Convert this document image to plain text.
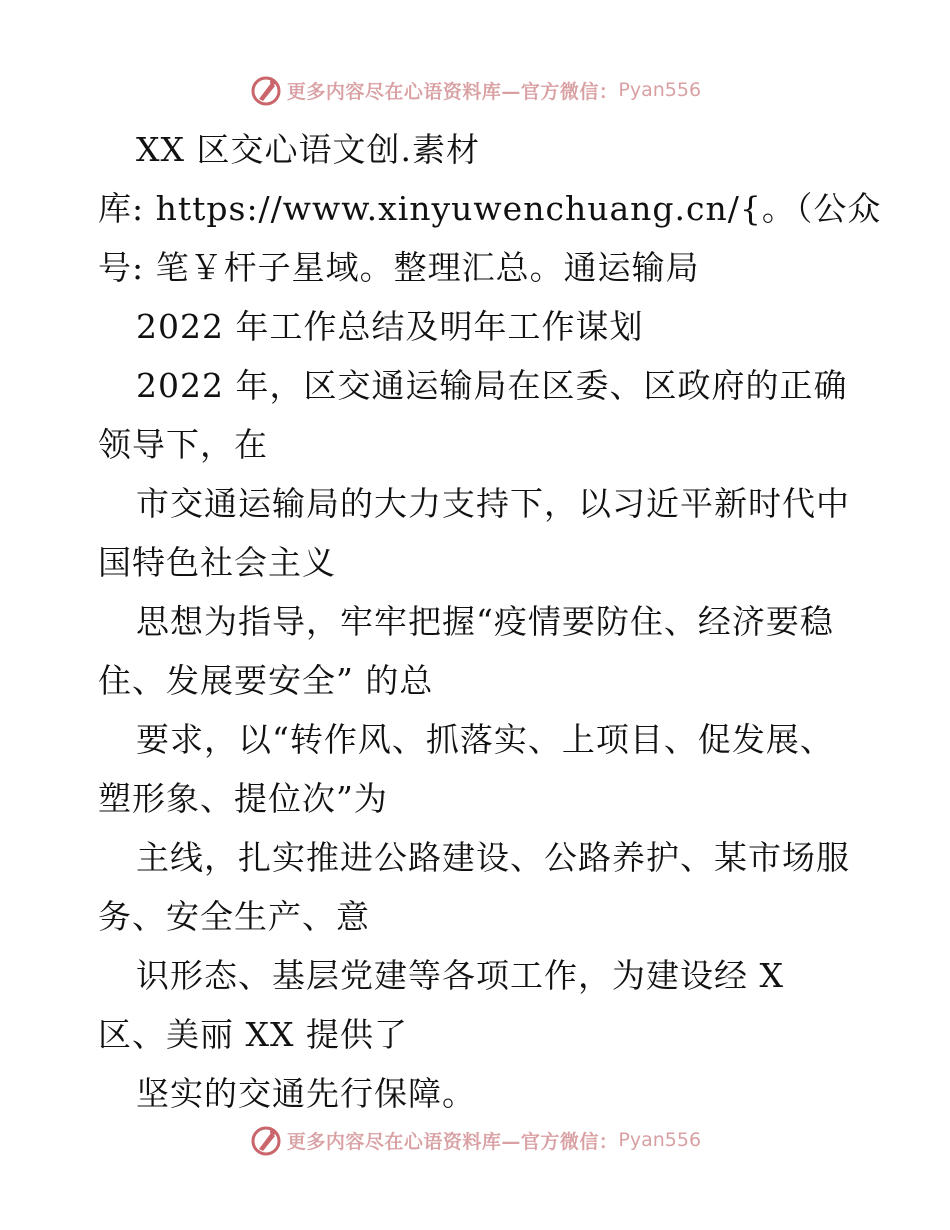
更多内容尽在心语资料库—官方微信： Pyan556
XX 区交心语文创.素材
库: https://www.xinyuwenchuang.cn/{。（公众
号: 笔￥杆子星域。整理汇总。通运输局
2022 年工作总结及明年工作谋划
2022 年，区交通运输局在区委、区政府的正确
领导下，在
市交通运输局的大力支持下，以习近平新时代中
国特色社会主义
思想为指导，牢牢把握“疫情要防住、经济要稳
住、发展要安全” 的总
要求，以“转作风、抓落实、上项目、促发展、
塑形象、提位次”为
主线，扎实推进公路建设、公路养护、某市场服
务、安全生产、意
识形态、基层党建等各项工作，为建设经 X
区、美丽 XX 提供了
坚实的交通先行保障。
更多内容尽在心语资料库—官方微信： Pyan556
